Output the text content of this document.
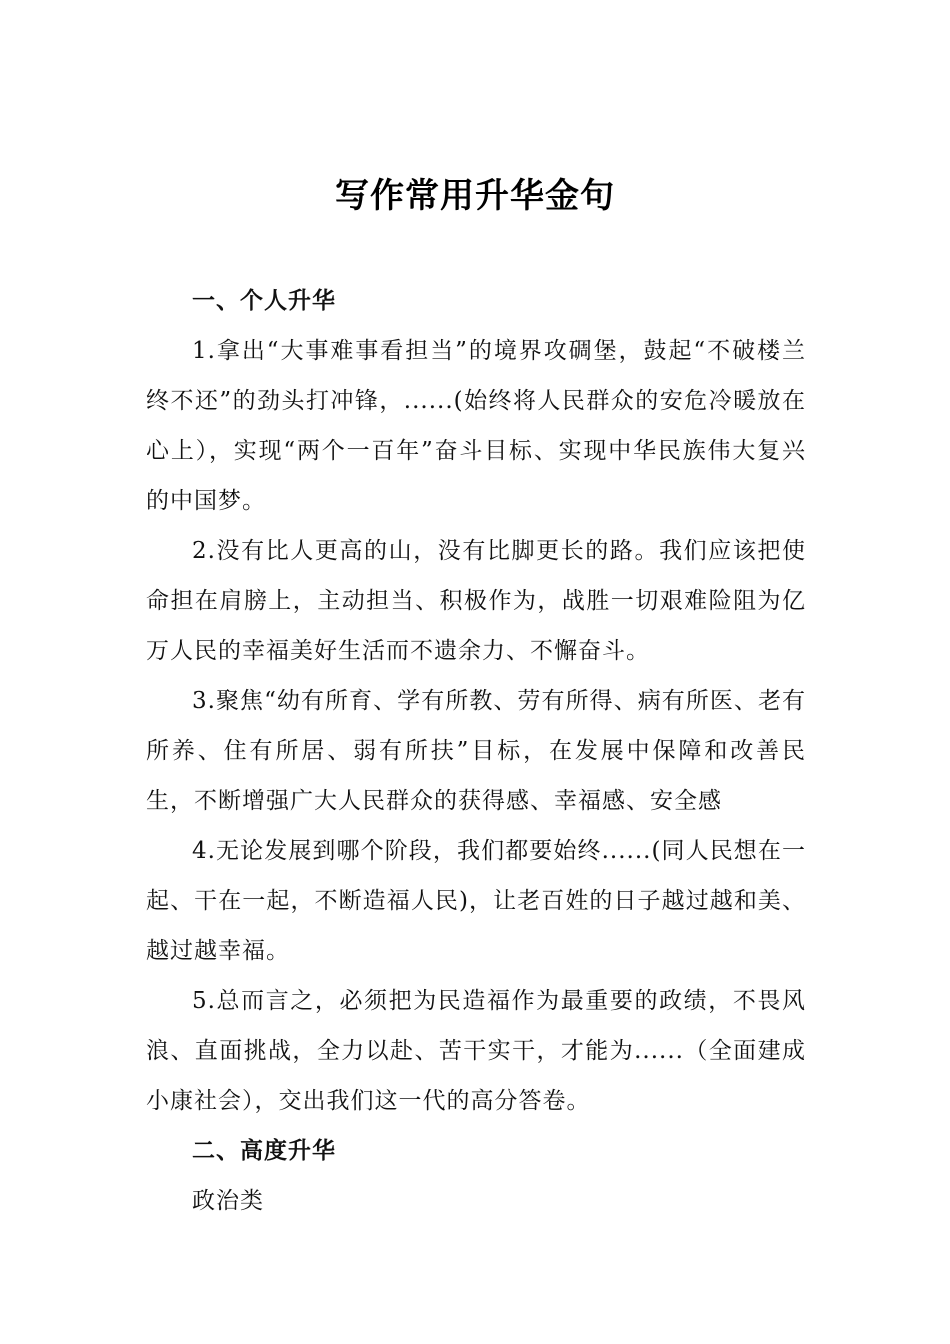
写作常用升华金句

一、个人升华

1.拿出“大事难事看担当”的境界攻碉堡，鼓起“不破楼兰终不还”的劲头打冲锋，......(始终将人民群众的安危冷暖放在心上），实现“两个一百年”奋斗目标、实现中华民族伟大复兴的中国梦。

2.没有比人更高的山，没有比脚更长的路。我们应该把使命担在肩膀上，主动担当、积极作为，战胜一切艰难险阻为亿万人民的幸福美好生活而不遗余力、不懈奋斗。

3.聚焦“幼有所育、学有所教、劳有所得、病有所医、老有所养、住有所居、弱有所扶”目标，在发展中保障和改善民生，不断增强广大人民群众的获得感、幸福感、安全感

4.无论发展到哪个阶段，我们都要始终......(同人民想在一起、干在一起，不断造福人民)，让老百姓的日子越过越和美、越过越幸福。

5.总而言之，必须把为民造福作为最重要的政绩，不畏风浪、直面挑战，全力以赴、苦干实干，才能为......（全面建成小康社会），交出我们这一代的高分答卷。

二、高度升华

政治类
